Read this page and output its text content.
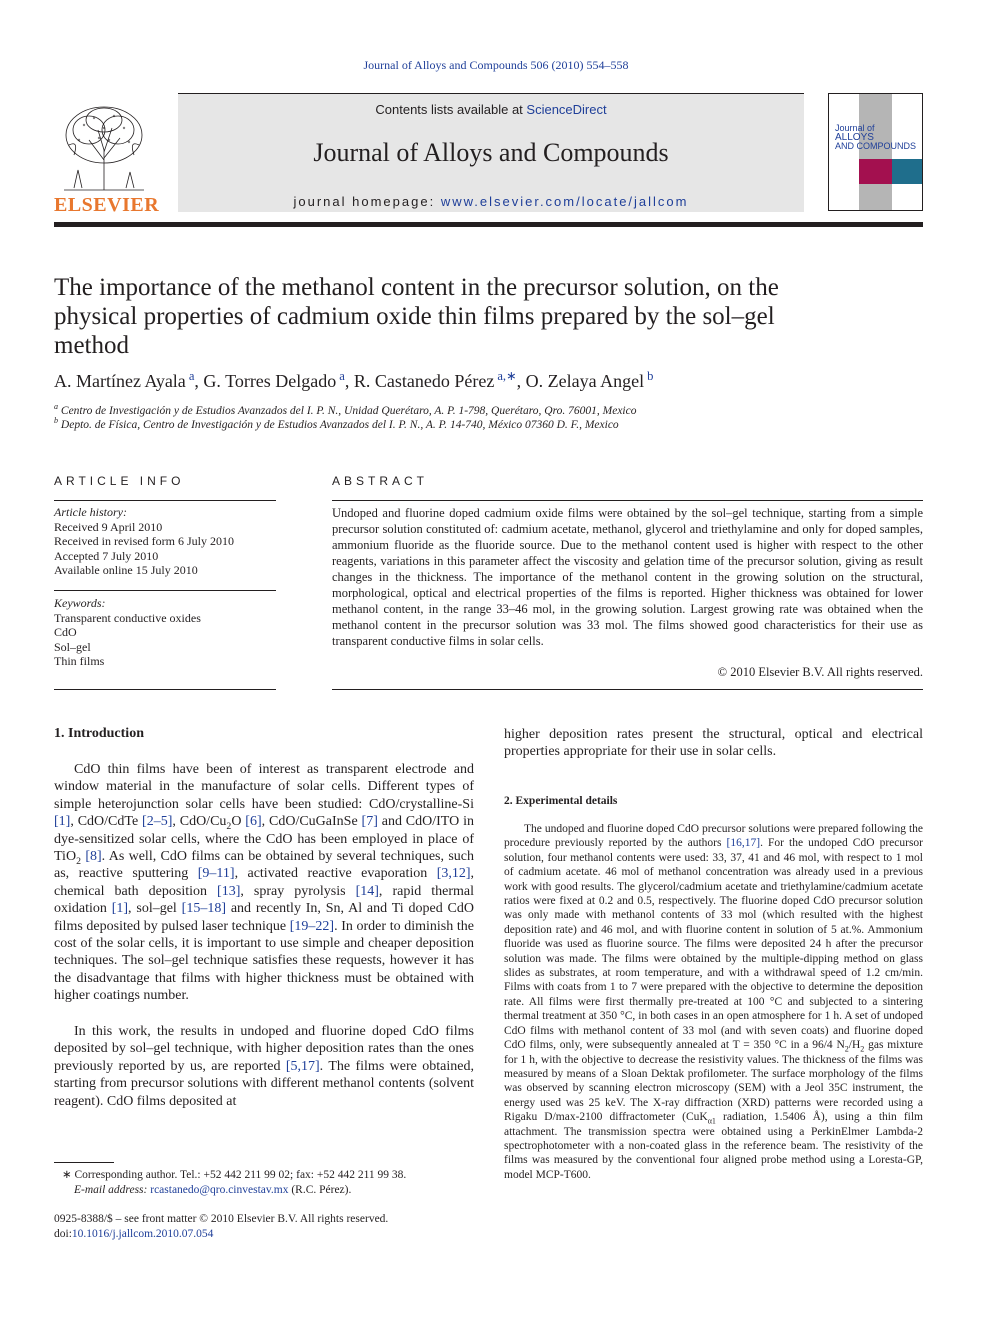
Journal of Alloys and Compounds 506 (2010) 554–558
ELSEVIER
Contents lists available at ScienceDirect
Journal of Alloys and Compounds
journal homepage: www.elsevier.com/locate/jallcom
Journal of
ALLOYS
AND COMPOUNDS
The importance of the methanol content in the precursor solution, on the
physical properties of cadmium oxide thin films prepared by the sol–gel
method
A. Martínez Ayala $^a$, G. Torres Delgado $^a$, R. Castanedo Pérez $^{a,∗}$, O. Zelaya Angel $^b$
$^a$ Centro de Investigación y de Estudios Avanzados del I. P. N., Unidad Querétaro, A. P. 1-798, Querétaro, Qro. 76001, Mexico
$^b$ Depto. de Física, Centro de Investigación y de Estudios Avanzados del I. P. N., A. P. 14-740, México 07360 D. F., Mexico
ARTICLE INFO
Article history:
Received 9 April 2010
Received in revised form 6 July 2010
Accepted 7 July 2010
Available online 15 July 2010
Keywords:
Transparent conductive oxides
CdO
Sol–gel
Thin films
ABSTRACT
Undoped and fluorine doped cadmium oxide films were obtained by the sol–gel technique, starting from a simple precursor solution constituted of: cadmium acetate, methanol, glycerol and triethylamine and only for doped samples, ammonium fluoride as the fluoride source. Due to the methanol content used is higher with respect to the other reagents, variations in this parameter affect the viscosity and gelation time of the precursor solution, giving as result changes in the thickness. The importance of the methanol content in the growing solution on the structural, morphological, optical and electrical properties of the films is reported. Higher thickness was obtained for lower methanol content, in the range 33–46 mol, in the growing solution. Largest growing rate was obtained when the methanol content in the precursor solution was 33 mol. The films showed good characteristics for their use as transparent conductive films in solar cells.
© 2010 Elsevier B.V. All rights reserved.
1. Introduction
CdO thin films have been of interest as transparent electrode and window material in the manufacture of solar cells. Different types of simple heterojunction solar cells have been studied: CdO/crystalline-Si [1], CdO/CdTe [2–5], CdO/$Cu_2O$ [6], CdO/CuGaInSe [7] and CdO/ITO in dye-sensitized solar cells, where the CdO has been employed in place of TiO$_2$ [8]. As well, CdO films can be obtained by several techniques, such as, reactive sputtering [9–11], activated reactive evaporation [3,12], chemical bath deposition [13], spray pyrolysis [14], rapid thermal oxidation [1], sol–gel [15–18] and recently In, Sn, Al and Ti doped CdO films deposited by pulsed laser technique [19–22]. In order to diminish the cost of the solar cells, it is important to use simple and cheaper deposition techniques. The sol–gel technique satisfies these requests, however it has the disadvantage that films with higher thickness must be obtained with higher coatings number.
In this work, the results in undoped and fluorine doped CdO films deposited by sol–gel technique, with higher deposition rates than the ones previously reported by us, are reported [5,17]. The films were obtained, starting from precursor solutions with different methanol contents (solvent reagent). CdO films deposited at
∗ Corresponding author. Tel.: +52 442 211 99 02; fax: +52 442 211 99 38.
E-mail address: rcastanedo@qro.cinvestav.mx (R.C. Pérez).
0925-8388/$ – see front matter © 2010 Elsevier B.V. All rights reserved.
doi:10.1016/j.jallcom.2010.07.054
higher deposition rates present the structural, optical and electrical properties appropriate for their use in solar cells.
2. Experimental details
The undoped and fluorine doped CdO precursor solutions were prepared following the procedure previously reported by the authors [16,17]. For the undoped CdO precursor solution, four methanol contents were used: 33, 37, 41 and 46 mol, with respect to 1 mol of cadmium acetate. 46 mol of methanol concentration was already used in a previous work with good results. The glycerol/cadmium acetate and triethylamine/cadmium acetate ratios were fixed at 0.2 and 0.5, respectively. The fluorine doped CdO precursor solution was only made with methanol contents of 33 mol (which resulted with the highest deposition rate) and 46 mol, and with fluorine content in solution of 5 at.%. Ammonium fluoride was used as fluorine source. The films were deposited 24 h after the precursor solution was made. The films were obtained by the multiple-dipping method on glass slides as substrates, at room temperature, and with a withdrawal speed of 1.2 cm/min. Films with coats from 1 to 7 were prepared with the objective to determine the deposition rate. All films were first thermally pre-treated at 100 °C and subjected to a sintering thermal treatment at 350 °C, in both cases in an open atmosphere for 1 h. A set of undoped CdO films with methanol content of 33 mol (and with seven coats) and fluorine doped CdO films, only, were subsequently annealed at T = 350 °C in a 96/4 $N_2/H_2$ gas mixture for 1 h, with the objective to decrease the resistivity values. The thickness of the films was measured by means of a Sloan Dektak profilometer. The surface morphology of the films was observed by scanning electron microscopy (SEM) with a Jeol 35C instrument, the energy used was 25 keV. The X-ray diffraction (XRD) patterns were recorded using a Rigaku D/max-2100 diffractometer (CuK$_{\alpha 1}$ radiation, 1.5406 Å), using a thin film attachment. The transmission spectra were obtained using a PerkinElmer Lambda-2 spectrophotometer with a non-coated glass in the reference beam. The resistivity of the films was measured by the conventional four aligned probe method using a Loresta-GP, model MCP-T600.
